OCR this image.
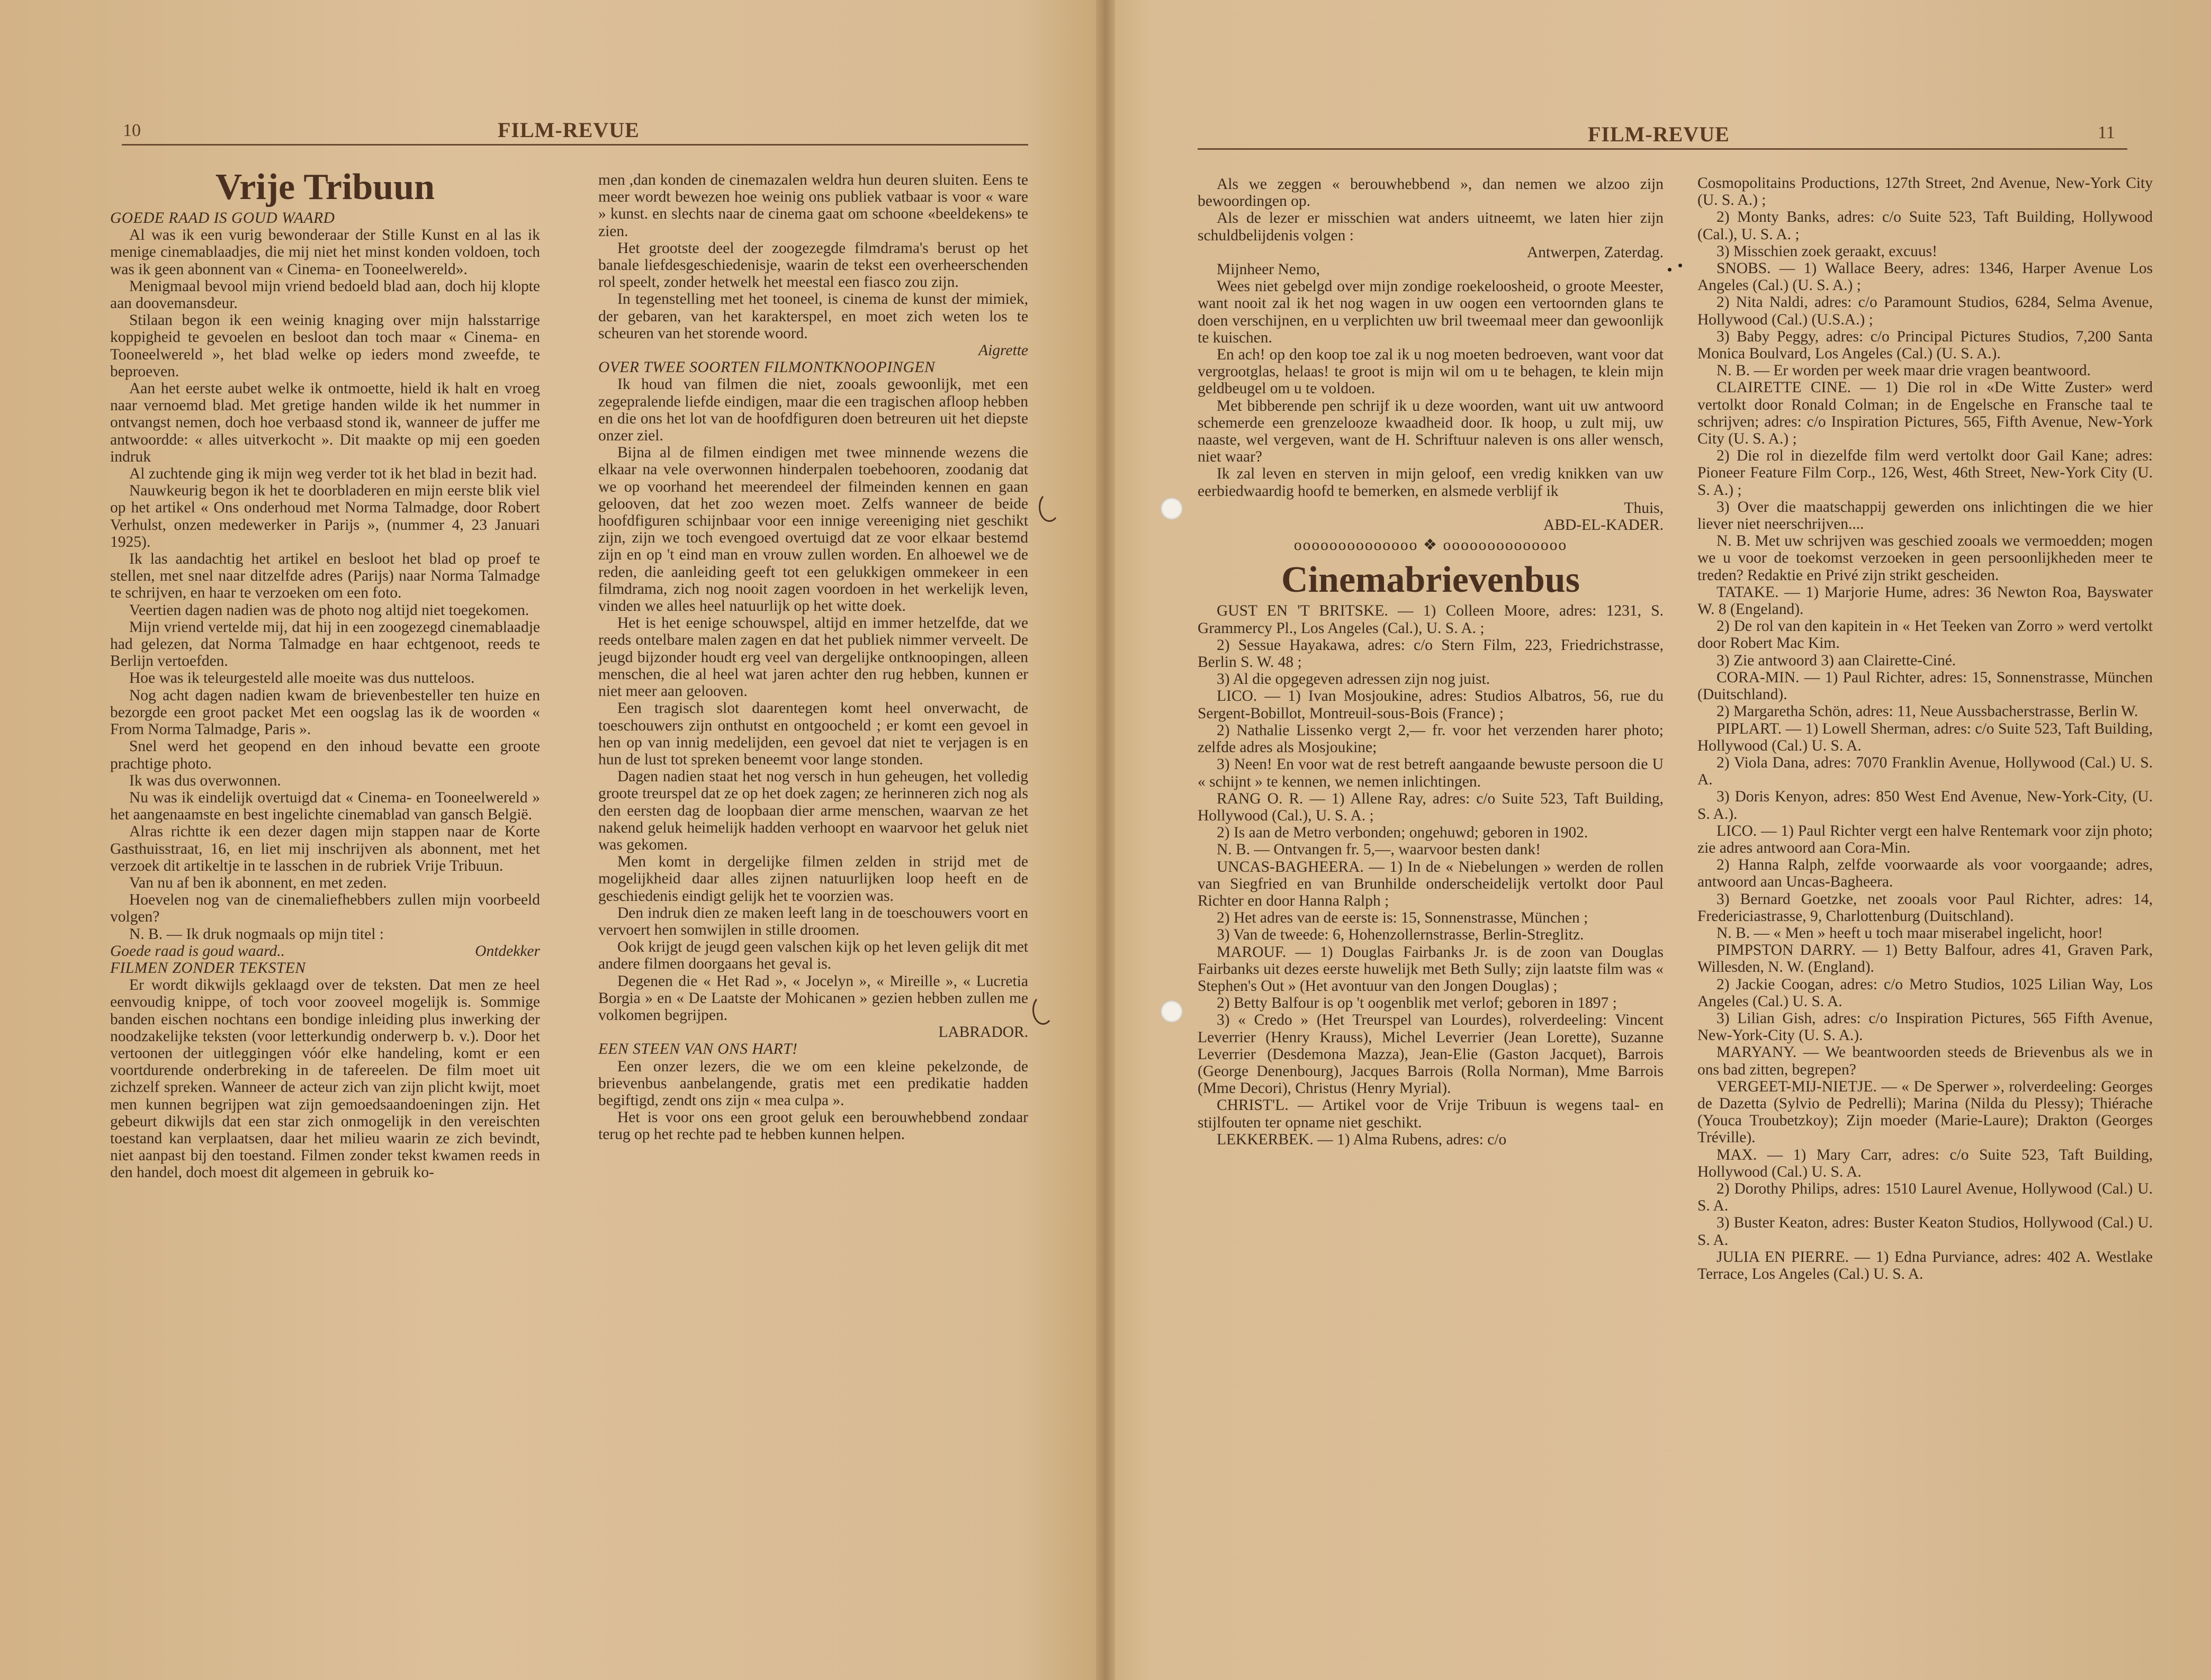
10	FILM-REVUE
Vrije Tribuun

GOEDE RAAD IS GOUD WAARD

Al was ik een vurig bewonderaar der Stille Kunst en al las ik menige cinemablaadjes, die mij niet het minst konden voldoen, toch was ik geen abonnent van « Cinema- en Tooneelwereld».

Menigmaal bevool mijn vriend bedoeld blad aan, doch hij klopte aan doovemansdeur.

Stilaan begon ik een weinig knaging over mijn halsstarrige koppigheid te gevoelen en besloot dan toch maar « Cinema- en Tooneelwereld », het blad welke op ieders mond zweefde, te beproeven.

Aan het eerste aubet welke ik ontmoette, hield ik halt en vroeg naar vernoemd blad. Met gretige handen wilde ik het nummer in ontvangst nemen, doch hoe verbaasd stond ik, wanneer de juffer me antwoordde: « alles uitverkocht ». Dit maakte op mij een goeden indruk

Al zuchtende ging ik mijn weg verder tot ik het blad in bezit had.

Nauwkeurig begon ik het te doorbladeren en mijn eerste blik viel op het artikel « Ons onderhoud met Norma Talmadge, door Robert Verhulst, onzen medewerker in Parijs », (nummer 4, 23 Januari 1925).

Ik las aandachtig het artikel en besloot het blad op proef te stellen, met snel naar ditzelfde adres (Parijs) naar Norma Talmadge te schrijven, en haar te verzoeken om een foto.

Veertien dagen nadien was de photo nog altijd niet toegekomen.

Mijn vriend vertelde mij, dat hij in een zoogezegd cinemablaadje had gelezen, dat Norma Talmadge en haar echtgenoot, reeds te Berlijn vertoefden.

Hoe was ik teleurgesteld alle moeite was dus nutteloos.

Nog acht dagen nadien kwam de brievenbesteller ten huize en bezorgde een groot packet Met een oogslag las ik de woorden « From Norma Talmadge, Paris ».

Snel werd het geopend en den inhoud bevatte een groote prachtige photo.

Ik was dus overwonnen.

Nu was ik eindelijk overtuigd dat « Cinema- en Tooneelwereld » het aangenaamste en best ingelichte cinemablad van gansch België.

Alras richtte ik een dezer dagen mijn stappen naar de Korte Gasthuisstraat, 16, en liet mij inschrijven als abonnent, met het verzoek dit artikeltje in te lasschen in de rubriek Vrije Tribuun.

Van nu af ben ik abonnent, en met zeden.

Hoevelen nog van de cinemaliefhebbers zullen mijn voorbeeld volgen?

N. B. — Ik druk nogmaals op mijn titel :

Goede raad is goud waard..	Ontdekker

FILMEN ZONDER TEKSTEN

Er wordt dikwijls geklaagd over de teksten. Dat men ze heel eenvoudig knippe, of toch voor zooveel mogelijk is. Sommige banden eischen nochtans een bondige inleiding plus inwerking der noodzakelijke teksten (voor letterkundig onderwerp b. v.). Door het vertoonen der uitleggingen vóór elke handeling, komt er een voortdurende onderbreking in de tafereelen. De film moet uit zichzelf spreken. Wanneer de acteur zich van zijn plicht kwijt, moet men kunnen begrijpen wat zijn gemoedsaandoeningen zijn. Het gebeurt dikwijls dat een star zich onmogelijk in den vereischten toestand kan verplaatsen, daar het milieu waarin ze zich bevindt, niet aanpast bij den toestand. Filmen zonder tekst kwamen reeds in den handel, doch moest dit algemeen in gebruik ko-

men ,dan konden de cinemazalen weldra hun deuren sluiten. Eens te meer wordt bewezen hoe weinig ons publiek vatbaar is voor « ware » kunst. en slechts naar de cinema gaat om schoone «beeldekens» te zien.

Het grootste deel der zoogezegde filmdrama's berust op het banale liefdesgeschiedenisje, waarin de tekst een overheerschenden rol speelt, zonder hetwelk het meestal een fiasco zou zijn.

In tegenstelling met het tooneel, is cinema de kunst der mimiek, der gebaren, van het karakterspel, en moet zich weten los te scheuren van het storende woord.

Aigrette

OVER TWEE SOORTEN FILMONTKNOOPINGEN

Ik houd van filmen die niet, zooals gewoonlijk, met een zegepralende liefde eindigen, maar die een tragischen afloop hebben en die ons het lot van de hoofdfiguren doen betreuren uit het diepste onzer ziel.

Bijna al de filmen eindigen met twee minnende wezens die elkaar na vele overwonnen hinderpalen toebehooren, zoodanig dat we op voorhand het meerendeel der filmeinden kennen en gaan gelooven, dat het zoo wezen moet. Zelfs wanneer de beide hoofdfiguren schijnbaar voor een innige vereeniging niet geschikt zijn, zijn we toch evengoed overtuigd dat ze voor elkaar bestemd zijn en op 't eind man en vrouw zullen worden. En alhoewel we de reden, die aanleiding geeft tot een gelukkigen ommekeer in een filmdrama, zich nog nooit zagen voordoen in het werkelijk leven, vinden we alles heel natuurlijk op het witte doek.

Het is het eenige schouwspel, altijd en immer hetzelfde, dat we reeds ontelbare malen zagen en dat het publiek nimmer verveelt. De jeugd bijzonder houdt erg veel van dergelijke ontknoopingen, alleen menschen, die al heel wat jaren achter den rug hebben, kunnen er niet meer aan gelooven.

Een tragisch slot daarentegen komt heel onverwacht, de toeschouwers zijn onthutst en ontgoocheld ; er komt een gevoel in hen op van innig medelijden, een gevoel dat niet te verjagen is en hun de lust tot spreken beneemt voor lange stonden.

Dagen nadien staat het nog versch in hun geheugen, het volledig groote treurspel dat ze op het doek zagen; ze herinneren zich nog als den eersten dag de loopbaan dier arme menschen, waarvan ze het nakend geluk heimelijk hadden verhoopt en waarvoor het geluk niet was gekomen.

Men komt in dergelijke filmen zelden in strijd met de mogelijkheid daar alles zijnen natuurlijken loop heeft en de geschiedenis eindigt gelijk het te voorzien was.

Den indruk dien ze maken leeft lang in de toeschouwers voort en vervoert hen somwijlen in stille droomen.

Ook krijgt de jeugd geen valschen kijk op het leven gelijk dit met andere filmen doorgaans het geval is.

Degenen die « Het Rad », « Jocelyn », « Mireille », « Lucretia Borgia » en « De Laatste der Mohicanen » gezien hebben zullen me volkomen begrijpen.

LABRADOR.

EEN STEEN VAN ONS HART!

Een onzer lezers, die we om een kleine pekelzonde, de brievenbus aanbelangende, gratis met een predikatie hadden begiftigd, zendt ons zijn « mea culpa ».

Het is voor ons een groot geluk een berouwhebbend zondaar terug op het rechte pad te hebben kunnen helpen.

FILM-REVUE	11

Als we zeggen « berouwhebbend », dan nemen we alzoo zijn bewoordingen op.

Als de lezer er misschien wat anders uitneemt, we laten hier zijn schuldbelijdenis volgen :

Antwerpen, Zaterdag.

Mijnheer Nemo,

Wees niet gebelgd over mijn zondige roekeloosheid, o groote Meester, want nooit zal ik het nog wagen in uw oogen een vertoornden glans te doen verschijnen, en u verplichten uw bril tweemaal meer dan gewoonlijk te kuischen.

En ach! op den koop toe zal ik u nog moeten bedroeven, want voor dat vergrootglas, helaas! te groot is mijn wil om u te behagen, te klein mijn geldbeugel om u te voldoen.

Met bibberende pen schrijf ik u deze woorden, want uit uw antwoord schemerde een grenzelooze kwaadheid door. Ik hoop, u zult mij, uw naaste, wel vergeven, want de H. Schriftuur naleven is ons aller wensch, niet waar?

Ik zal leven en sterven in mijn geloof, een vredig knikken van uw eerbiedwaardig hoofd te bemerken, en alsmede verblijf ik

Thuis,

ABD-EL-KADER.

oooooooooooooo ❖ oooooooooooooo

Cinemabrievenbus

GUST EN 'T BRITSKE. — 1) Colleen Moore, adres: 1231, S. Grammercy Pl., Los Angeles (Cal.), U. S. A. ;

2) Sessue Hayakawa, adres: c/o Stern Film, 223, Friedrichstrasse, Berlin S. W. 48 ;

3) Al die opgegeven adressen zijn nog juist.

LICO. — 1) Ivan Mosjoukine, adres: Studios Albatros, 56, rue du Sergent-Bobillot, Montreuil-sous-Bois (France) ;

2) Nathalie Lissenko vergt 2,— fr. voor het verzenden harer photo; zelfde adres als Mosjoukine;

3) Neen! En voor wat de rest betreft aangaande bewuste persoon die U « schijnt » te kennen, we nemen inlichtingen.

RANG O. R. — 1) Allene Ray, adres: c/o Suite 523, Taft Building, Hollywood (Cal.), U. S. A. ;

2) Is aan de Metro verbonden; ongehuwd; geboren in 1902.

N. B. — Ontvangen fr. 5,—, waarvoor besten dank!

UNCAS-BAGHEERA. — 1) In de « Niebelungen » werden de rollen van Siegfried en van Brunhilde onderscheidelijk vertolkt door Paul Richter en door Hanna Ralph ;

2) Het adres van de eerste is: 15, Sonnenstrasse, München ;

3) Van de tweede: 6, Hohenzollernstrasse, Berlin-Streglitz.

MAROUF. — 1) Douglas Fairbanks Jr. is de zoon van Douglas Fairbanks uit dezes eerste huwelijk met Beth Sully; zijn laatste film was « Stephen's Out » (Het avontuur van den Jongen Douglas) ;

2) Betty Balfour is op 't oogenblik met verlof; geboren in 1897 ;

3) « Credo » (Het Treurspel van Lourdes), rolverdeeling: Vincent Leverrier (Henry Krauss), Michel Leverrier (Jean Lorette), Suzanne Leverrier (Desdemona Mazza), Jean-Elie (Gaston Jacquet), Barrois (George Denenbourg), Jacques Barrois (Rolla Norman), Mme Barrois (Mme Decori), Christus (Henry Myrial).

CHRIST'L. — Artikel voor de Vrije Tribuun is wegens taal- en stijlfouten ter opname niet geschikt.

LEKKERBEK. — 1) Alma Rubens, adres: c/o

Cosmopolitains Productions, 127th Street, 2nd Avenue, New-York City (U. S. A.) ;

2) Monty Banks, adres: c/o Suite 523, Taft Building, Hollywood (Cal.), U. S. A. ;

3) Misschien zoek geraakt, excuus!

SNOBS. — 1) Wallace Beery, adres: 1346, Harper Avenue Los Angeles (Cal.) (U. S. A.) ;

2) Nita Naldi, adres: c/o Paramount Studios, 6284, Selma Avenue, Hollywood (Cal.) (U.S.A.) ;

3) Baby Peggy, adres: c/o Principal Pictures Studios, 7,200 Santa Monica Boulvard, Los Angeles (Cal.) (U. S. A.).

N. B. — Er worden per week maar drie vragen beantwoord.

CLAIRETTE CINE. — 1) Die rol in «De Witte Zuster» werd vertolkt door Ronald Colman; in de Engelsche en Fransche taal te schrijven; adres: c/o Inspiration Pictures, 565, Fifth Avenue, New-York City (U. S. A.) ;

2) Die rol in diezelfde film werd vertolkt door Gail Kane; adres: Pioneer Feature Film Corp., 126, West, 46th Street, New-York City (U. S. A.) ;

3) Over die maatschappij gewerden ons inlichtingen die we hier liever niet neerschrijven....

N. B. Met uw schrijven was geschied zooals we vermoedden; mogen we u voor de toekomst verzoeken in geen persoonlijkheden meer te treden? Redaktie en Privé zijn strikt gescheiden.

TATAKE. — 1) Marjorie Hume, adres: 36 Newton Roa, Bayswater W. 8 (Engeland).

2) De rol van den kapitein in « Het Teeken van Zorro » werd vertolkt door Robert Mac Kim.

3) Zie antwoord 3) aan Clairette-Ciné.

CORA-MIN. — 1) Paul Richter, adres: 15, Sonnenstrasse, München (Duitschland).

2) Margaretha Schön, adres: 11, Neue Aussbacherstrasse, Berlin W.

PIPLART. — 1) Lowell Sherman, adres: c/o Suite 523, Taft Building, Hollywood (Cal.) U. S. A.

2) Viola Dana, adres: 7070 Franklin Avenue, Hollywood (Cal.) U. S. A.

3) Doris Kenyon, adres: 850 West End Avenue, New-York-City, (U. S. A.).

LICO. — 1) Paul Richter vergt een halve Rentemark voor zijn photo; zie adres antwoord aan Cora-Min.

2) Hanna Ralph, zelfde voorwaarde als voor voorgaande; adres, antwoord aan Uncas-Bagheera.

3) Bernard Goetzke, net zooals voor Paul Richter, adres: 14, Fredericiastrasse, 9, Charlottenburg (Duitschland).

N. B. — « Men » heeft u toch maar miserabel ingelicht, hoor!

PIMPSTON DARRY. — 1) Betty Balfour, adres 41, Graven Park, Willesden, N. W. (England).

2) Jackie Coogan, adres: c/o Metro Studios, 1025 Lilian Way, Los Angeles (Cal.) U. S. A.

3) Lilian Gish, adres: c/o Inspiration Pictures, 565 Fifth Avenue, New-York-City (U. S. A.).

MARYANY. — We beantwoorden steeds de Brievenbus als we in ons bad zitten, begrepen?

VERGEET-MIJ-NIETJE. — « De Sperwer », rolverdeeling: Georges de Dazetta (Sylvio de Pedrelli); Marina (Nilda du Plessy); Thiérache (Youca Troubetzkoy); Zijn moeder (Marie-Laure); Drakton (Georges Tréville).

MAX. — 1) Mary Carr, adres: c/o Suite 523, Taft Building, Hollywood (Cal.) U. S. A.

2) Dorothy Philips, adres: 1510 Laurel Avenue, Hollywood (Cal.) U. S. A.

3) Buster Keaton, adres: Buster Keaton Studios, Hollywood (Cal.) U. S. A.

JULIA EN PIERRE. — 1) Edna Purviance, adres: 402 A. Westlake Terrace, Los Angeles (Cal.) U. S. A.
